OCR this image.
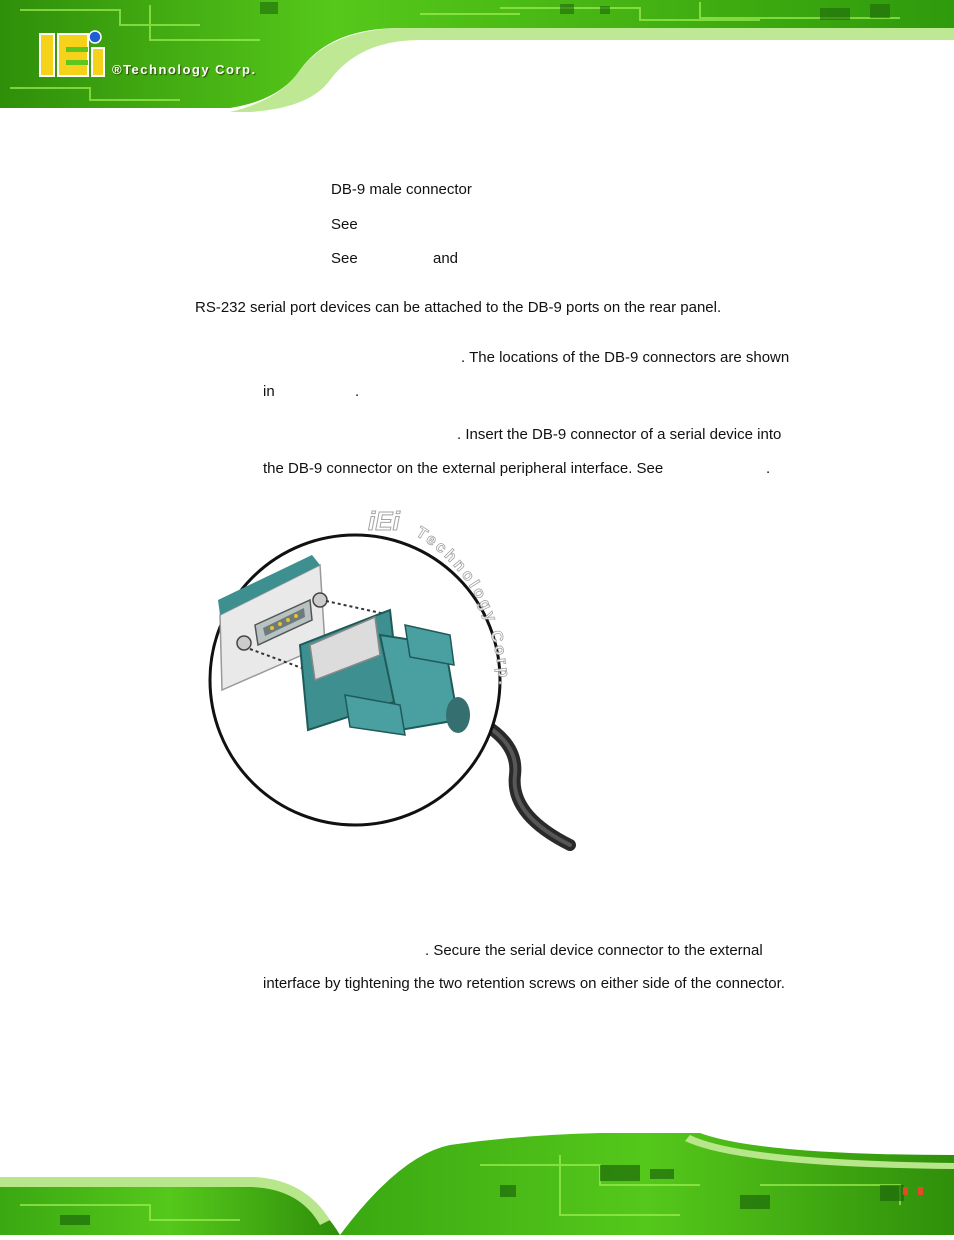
®Technology Corp.
DB-9 male connector
See
See	and
RS-232 serial port devices can be attached to the DB-9 ports on the rear panel.
. The locations of the DB-9 connectors are shown
in	.
. Insert the DB-9 connector of a serial device into
the DB-9 connector on the external peripheral interface. See	.
iEi Technology Corp.
. Secure the serial device connector to the external
interface by tightening the two retention screws on either side of the connector.
